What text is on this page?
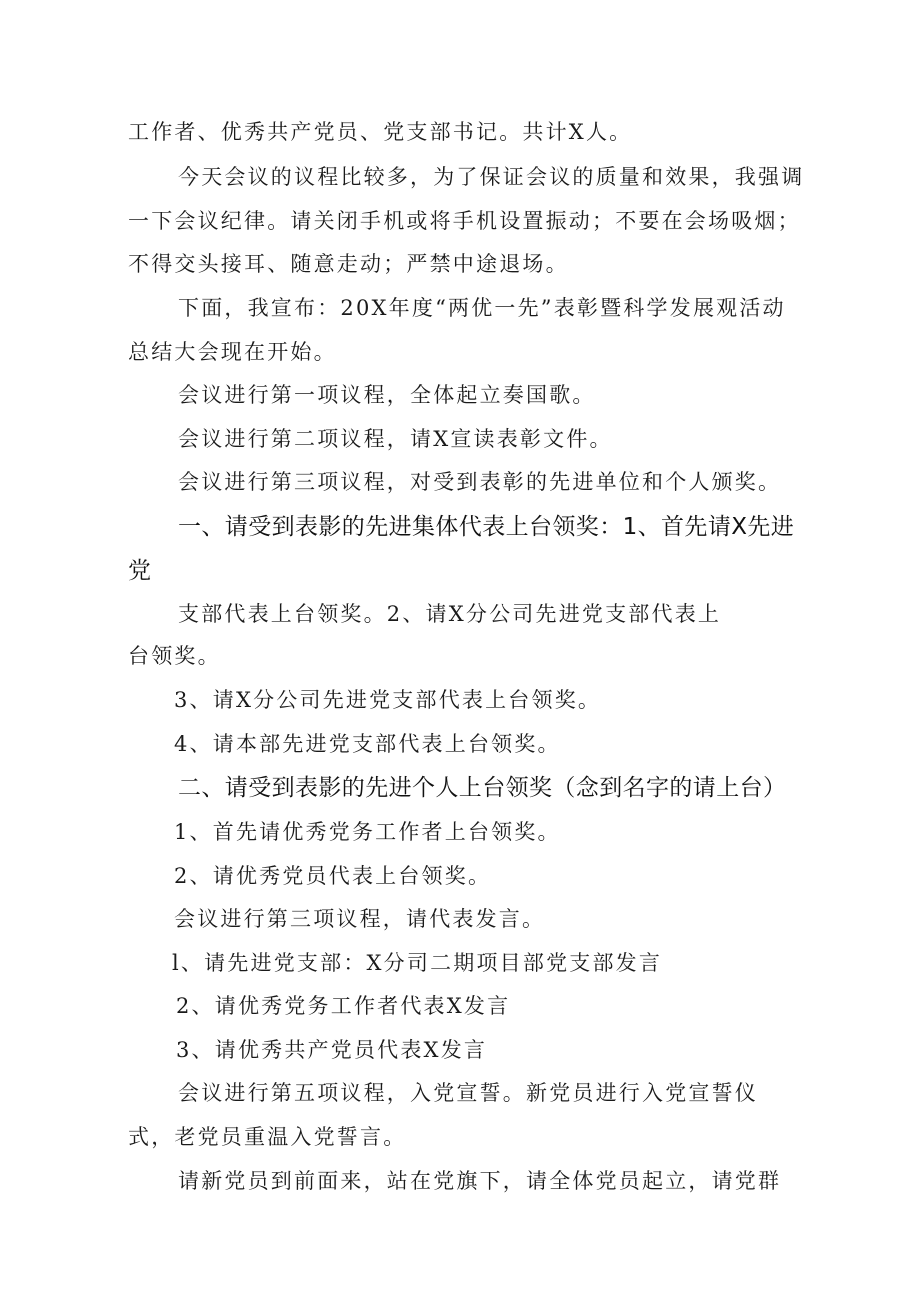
工作者、优秀共产党员、党支部书记。共计X人。
今天会议的议程比较多，为了保证会议的质量和效果，我强调
一下会议纪律。请关闭手机或将手机设置振动；不要在会场吸烟；
不得交头接耳、随意走动；严禁中途退场。
下面，我宣布：20X年度“两优一先”表彰暨科学发展观活动
总结大会现在开始。
会议进行第一项议程，全体起立奏国歌。
会议进行第二项议程，请X宣读表彰文件。
会议进行第三项议程，对受到表彰的先进单位和个人颁奖。
一、请受到表影的先进集体代表上台领奖：1、首先请X先进
党
支部代表上台领奖。2、请X分公司先进党支部代表上
台领奖。
3、请X分公司先进党支部代表上台领奖。
4、请本部先进党支部代表上台领奖。
二、请受到表影的先进个人上台领奖（念到名字的请上台）
1、首先请优秀党务工作者上台领奖。
2、请优秀党员代表上台领奖。
会议进行第三项议程，请代表发言。
l、请先进党支部：X分司二期项目部党支部发言
2、请优秀党务工作者代表X发言
3、请优秀共产党员代表X发言
会议进行第五项议程，入党宣誓。新党员进行入党宣誓仪
式，老党员重温入党誓言。
请新党员到前面来，站在党旗下，请全体党员起立，请党群
